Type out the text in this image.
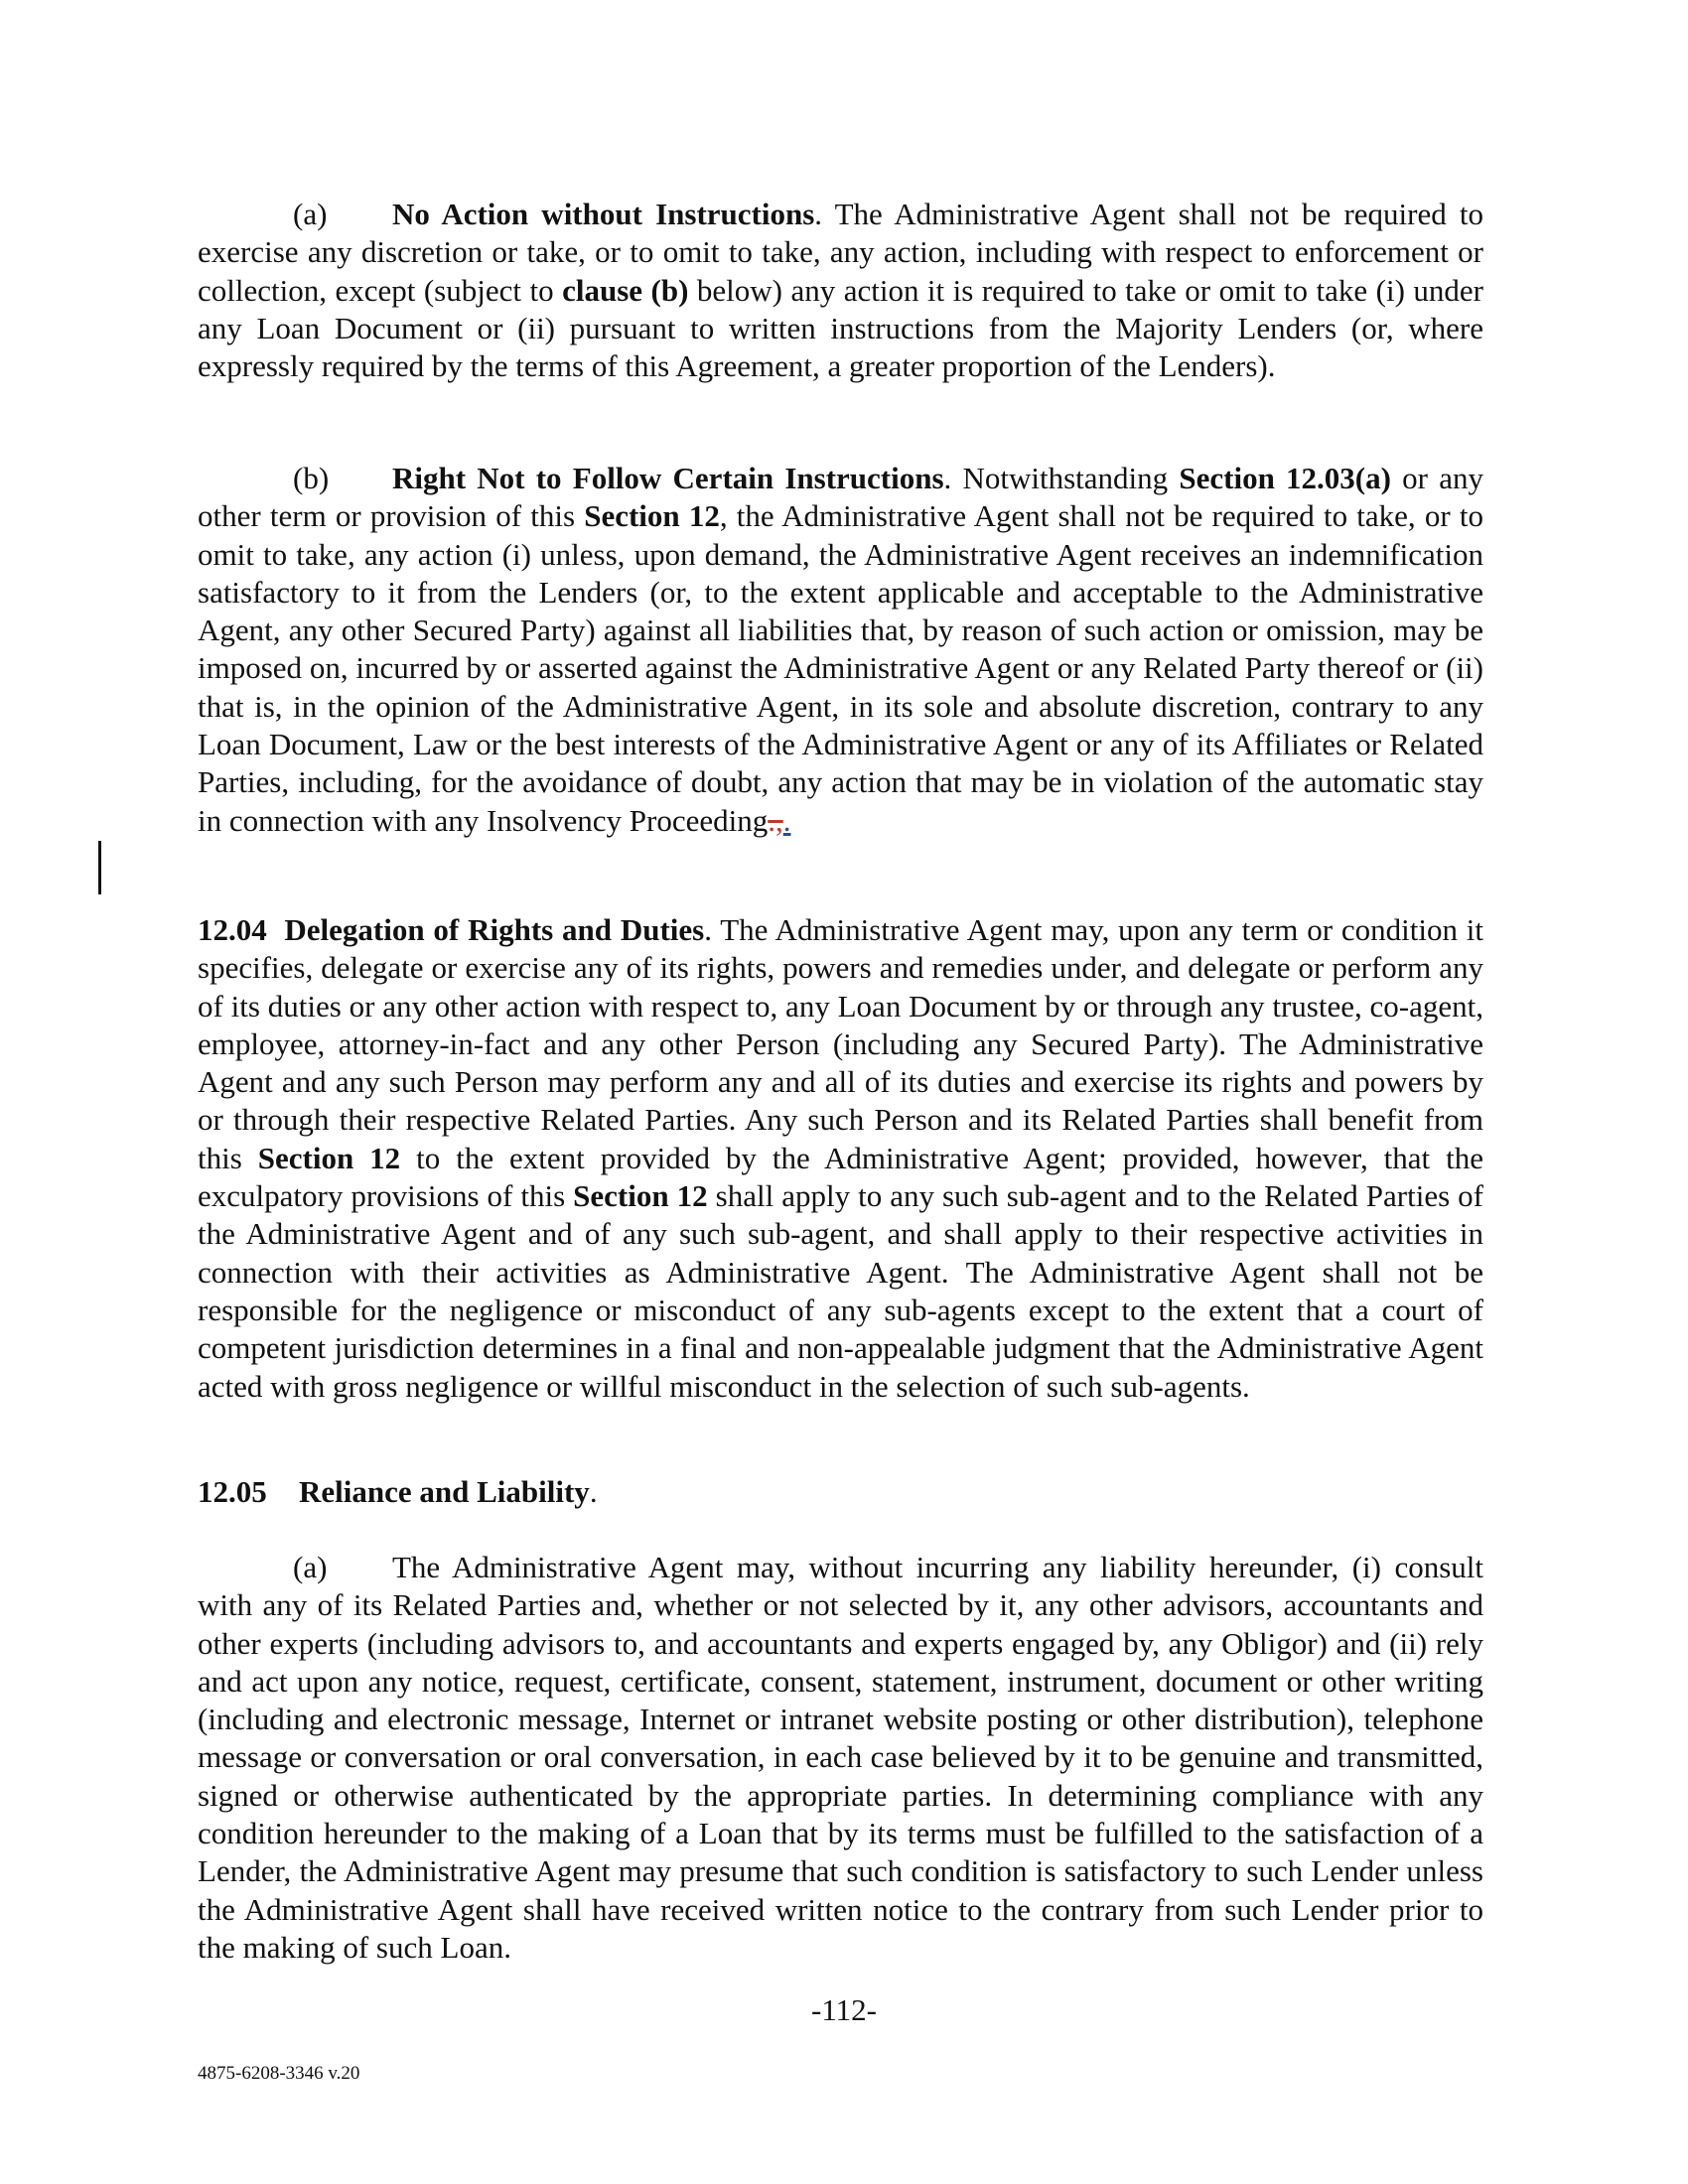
(a) No Action without Instructions. The Administrative Agent shall not be required to exercise any discretion or take, or to omit to take, any action, including with respect to enforcement or collection, except (subject to clause (b) below) any action it is required to take or omit to take (i) under any Loan Document or (ii) pursuant to written instructions from the Majority Lenders (or, where expressly required by the terms of this Agreement, a greater proportion of the Lenders).

(b) Right Not to Follow Certain Instructions. Notwithstanding Section 12.03(a) or any other term or provision of this Section 12, the Administrative Agent shall not be required to take, or to omit to take, any action (i) unless, upon demand, the Administrative Agent receives an indemnification satisfactory to it from the Lenders (or, to the extent applicable and acceptable to the Administrative Agent, any other Secured Party) against all liabilities that, by reason of such action or omission, may be imposed on, incurred by or asserted against the Administrative Agent or any Related Party thereof or (ii) that is, in the opinion of the Administrative Agent, in its sole and absolute discretion, contrary to any Loan Document, Law or the best interests of the Administrative Agent or any of its Affiliates or Related Parties, including, for the avoidance of doubt, any action that may be in violation of the automatic stay in connection with any Insolvency Proceeding.,.

12.04 Delegation of Rights and Duties. The Administrative Agent may, upon any term or condition it specifies, delegate or exercise any of its rights, powers and remedies under, and delegate or perform any of its duties or any other action with respect to, any Loan Document by or through any trustee, co-agent, employee, attorney-in-fact and any other Person (including any Secured Party). The Administrative Agent and any such Person may perform any and all of its duties and exercise its rights and powers by or through their respective Related Parties. Any such Person and its Related Parties shall benefit from this Section 12 to the extent provided by the Administrative Agent; provided, however, that the exculpatory provisions of this Section 12 shall apply to any such sub-agent and to the Related Parties of the Administrative Agent and of any such sub-agent, and shall apply to their respective activities in connection with their activities as Administrative Agent. The Administrative Agent shall not be responsible for the negligence or misconduct of any sub-agents except to the extent that a court of competent jurisdiction determines in a final and non-appealable judgment that the Administrative Agent acted with gross negligence or willful misconduct in the selection of such sub-agents.

12.05 Reliance and Liability.

(a) The Administrative Agent may, without incurring any liability hereunder, (i) consult with any of its Related Parties and, whether or not selected by it, any other advisors, accountants and other experts (including advisors to, and accountants and experts engaged by, any Obligor) and (ii) rely and act upon any notice, request, certificate, consent, statement, instrument, document or other writing (including and electronic message, Internet or intranet website posting or other distribution), telephone message or conversation or oral conversation, in each case believed by it to be genuine and transmitted, signed or otherwise authenticated by the appropriate parties. In determining compliance with any condition hereunder to the making of a Loan that by its terms must be fulfilled to the satisfaction of a Lender, the Administrative Agent may presume that such condition is satisfactory to such Lender unless the Administrative Agent shall have received written notice to the contrary from such Lender prior to the making of such Loan.

-112-
4875-6208-3346 v.20
